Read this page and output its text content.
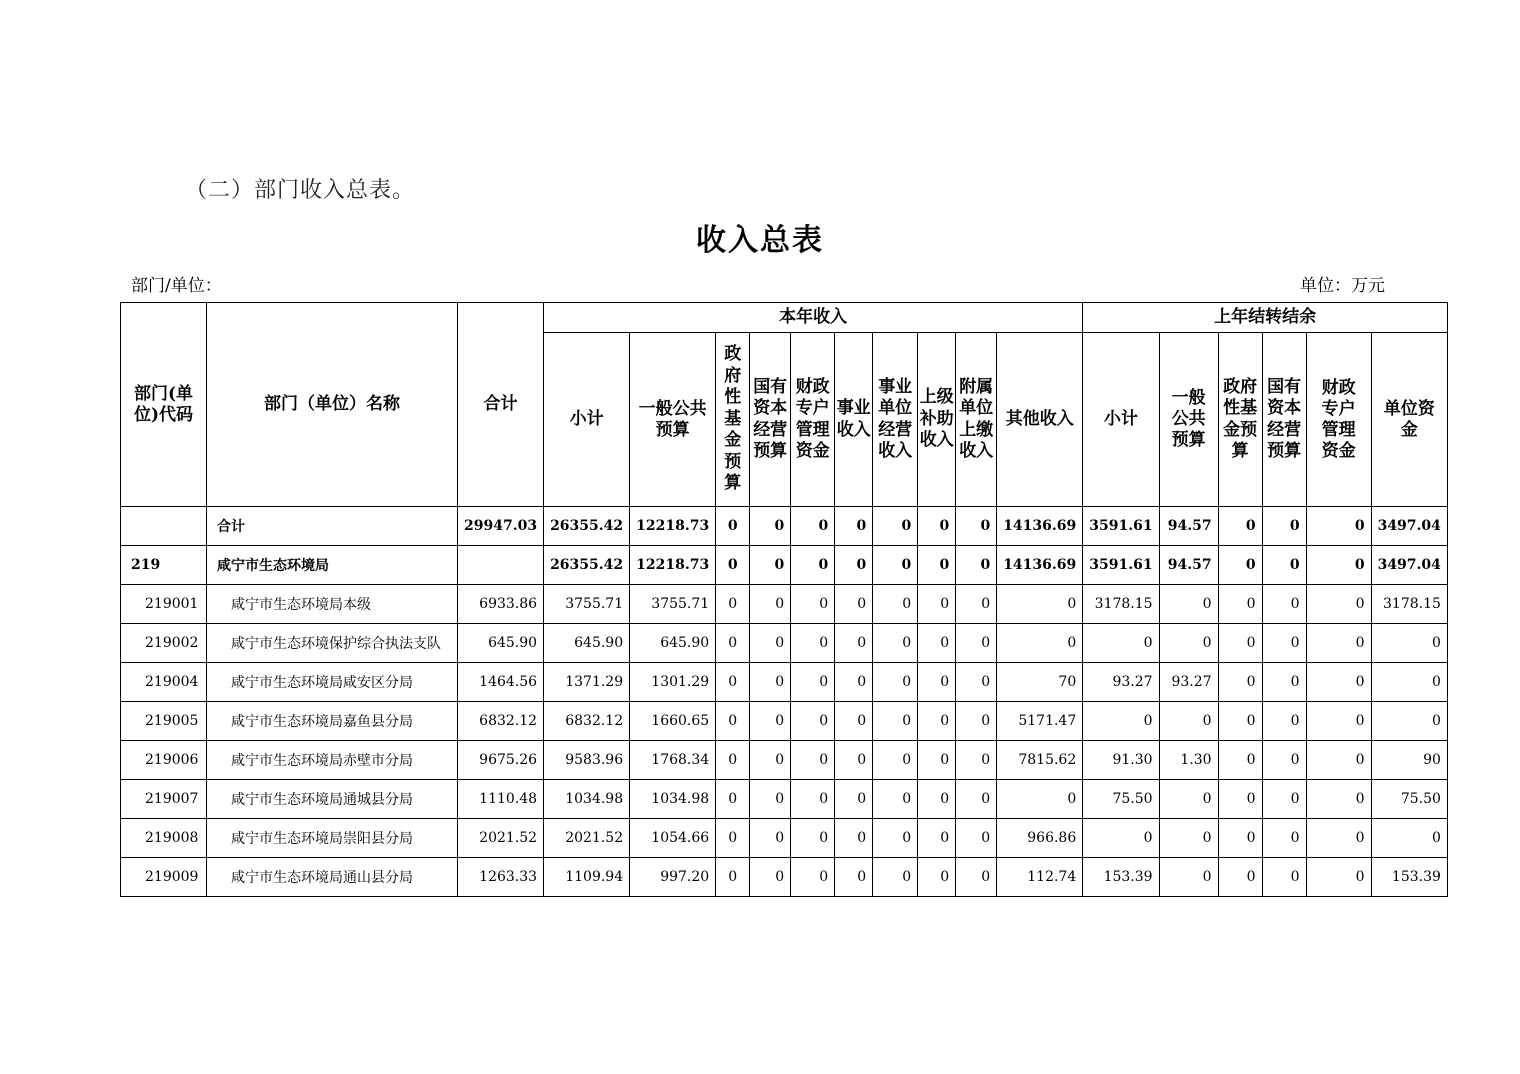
（二）部门收入总表。
收入总表
部门/单位：	单位：万元
部门(单位)代码	部门（单位）名称	合计	本年收入										上年结转结余					
			小计	一般公共预算	政府性基金预算	国有资本经营预算	财政专户管理资金	事业收入	事业单位经营收入	上级补助收入	附属单位上缴收入	其他收入	小计	一般公共预算	政府性基金预算	国有资本经营预算	财政专户管理资金	单位资金
	合计	29947.03	26355.42	12218.73	0	0	0	0	0	0	0	14136.69	3591.61	94.57	0	0	0	3497.04
219	咸宁市生态环境局		26355.42	12218.73	0	0	0	0	0	0	0	14136.69	3591.61	94.57	0	0	0	3497.04
219001	咸宁市生态环境局本级	6933.86	3755.71	3755.71	0	0	0	0	0	0	0	0	3178.15	0	0	0	0	3178.15
219002	咸宁市生态环境保护综合执法支队	645.90	645.90	645.90	0	0	0	0	0	0	0	0	0	0	0	0	0	0
219004	咸宁市生态环境局咸安区分局	1464.56	1371.29	1301.29	0	0	0	0	0	0	0	70	93.27	93.27	0	0	0	0
219005	咸宁市生态环境局嘉鱼县分局	6832.12	6832.12	1660.65	0	0	0	0	0	0	0	5171.47	0	0	0	0	0	0
219006	咸宁市生态环境局赤壁市分局	9675.26	9583.96	1768.34	0	0	0	0	0	0	0	7815.62	91.30	1.30	0	0	0	90
219007	咸宁市生态环境局通城县分局	1110.48	1034.98	1034.98	0	0	0	0	0	0	0	0	75.50	0	0	0	0	75.50
219008	咸宁市生态环境局崇阳县分局	2021.52	2021.52	1054.66	0	0	0	0	0	0	0	966.86	0	0	0	0	0	0
219009	咸宁市生态环境局通山县分局	1263.33	1109.94	997.20	0	0	0	0	0	0	0	112.74	153.39	0	0	0	0	153.39
